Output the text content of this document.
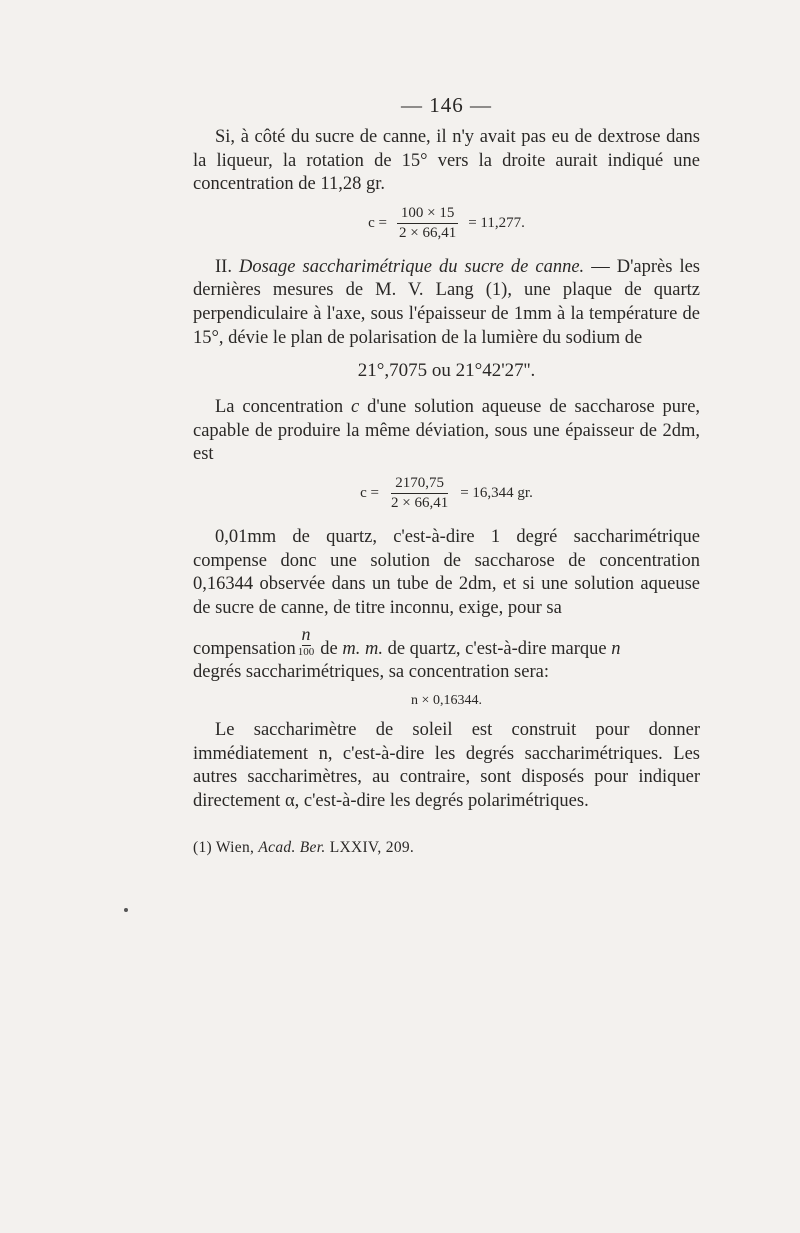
— 146 —

Si, à côté du sucre de canne, il n'y avait pas eu de dextrose dans la liqueur, la rotation de 15° vers la droite aurait indiqué une concentration de 11,28 gr.

$c = \frac{100 \times 15}{2 \times 66,41} = 11,277$.

II. Dosage saccharimétrique du sucre de canne. — D'après les dernières mesures de M. V. Lang (1), une plaque de quartz perpendiculaire à l'axe, sous l'épaisseur de 1mm à la température de 15°, dévie le plan de polarisation de la lumière du sodium de

21°,7075 ou 21°42'27''.

La concentration c d'une solution aqueuse de saccharose pure, capable de produire la même déviation, sous une épaisseur de 2dm, est

$c = \frac{2170,75}{2 \times 66,41} = 16,344$ gr.

0,01mm de quartz, c'est-à-dire 1 degré saccharimétrique compense donc une solution de saccharose de concentration 0,16344 observée dans un tube de 2dm, et si une solution aqueuse de sucre de canne, de titre inconnu, exige, pour sa

compensation $\frac{n}{100}$ de
m. m.
de quartz, c'est-à-dire marque
n

degrés saccharimétriques, sa concentration sera:

n × 0,16344.

Le saccharimètre de soleil est construit pour donner immédiatement n, c'est-à-dire les degrés saccharimétriques. Les autres saccharimètres, au contraire, sont disposés pour indiquer directement α, c'est-à-dire les degrés polarimétriques.

(1) Wien, Acad. Ber. LXXIV, 209.
